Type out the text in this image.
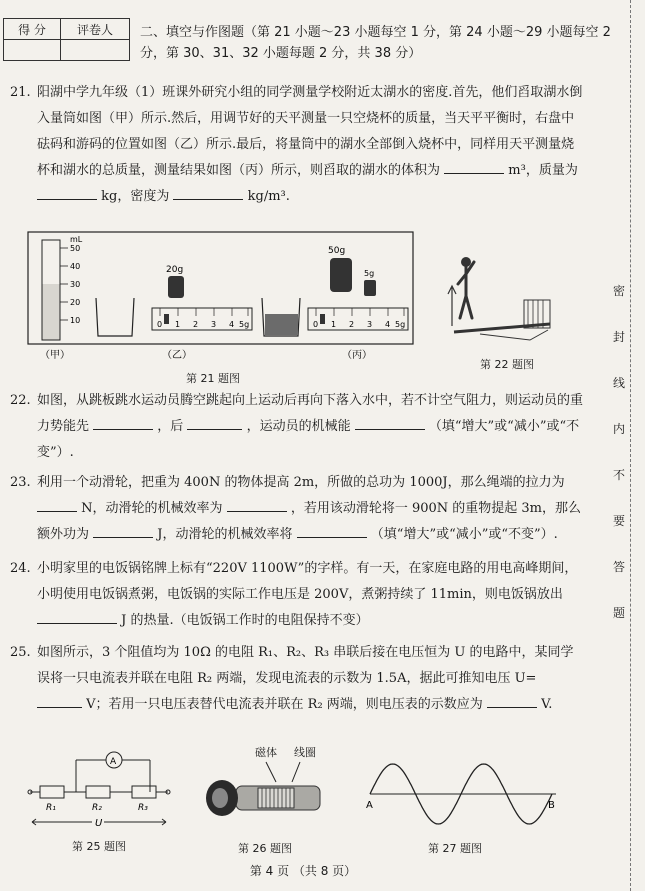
得 分	评卷人
	二、填空与作图题（第 21 小题～23 小题每空 1 分，第 24 小题～29 小题每空 2 分，第 30、31、32 小题每题 2 分，共 38 分）
21. 阳湖中学九年级（1）班课外研究小组的同学测量学校附近太湖水的密度.首先，他们舀取湖水倒入量筒如图（甲）所示.然后，用调节好的天平测量一只空烧杯的质量，当天平平衡时，右盘中砝码和游码的位置如图（乙）所示.最后，将量筒中的湖水全部倒入烧杯中，同样用天平测量烧杯和湖水的总质量，测量结果如图（丙）所示，则舀取的湖水的体积为	m³，质量为  kg，密度为	kg/m³.
mL
50
40
30
20
10
20g
0 1 2 3 4 5g
50g
5g
0 1 2 3 4 5g
（甲）	（乙）	（丙）
第 21 题图
第 22 题图
22. 如图，从跳板跳水运动员腾空跳起向上运动后再向下落入水中，若不计空气阻力，则运动员的重力势能先	，后	，运动员的机械能	（填“增大”或“减小”或“不变”）.
23. 利用一个动滑轮，把重为 400N 的物体提高 2m，所做的总功为 1000J，那么绳端的拉力为  N，动滑轮的机械效率为	，若用该动滑轮将一 900N 的重物提起 3m，那么额外功为	J，动滑轮的机械效率将	（填“增大”或“减小”或“不变”）.
24. 小明家里的电饭锅铭牌上标有“220V 1100W”的字样。有一天，在家庭电路的用电高峰期间，小明使用电饭锅煮粥，电饭锅的实际工作电压是 200V，煮粥持续了 11min，则电饭锅放出  J 的热量.（电饭锅工作时的电阻保持不变）
25. 如图所示，3 个阻值均为 10Ω 的电阻 R₁、R₂、R₃ 串联后接在电压恒为 U 的电路中，某同学误将一只电流表并联在电阻 R₂ 两端，发现电流表的示数为 1.5A，据此可推知电压 U=  V；若用一只电压表替代电流表并联在 R₂ 两端，则电压表的示数应为	V.
A
R₁	R₂	R₃
U
第 25 题图
磁体 线圈
第 26 题图
A	B
第 27 题图
密
封
线
内
不
要
答
题
第 4 页 （共 8 页）
